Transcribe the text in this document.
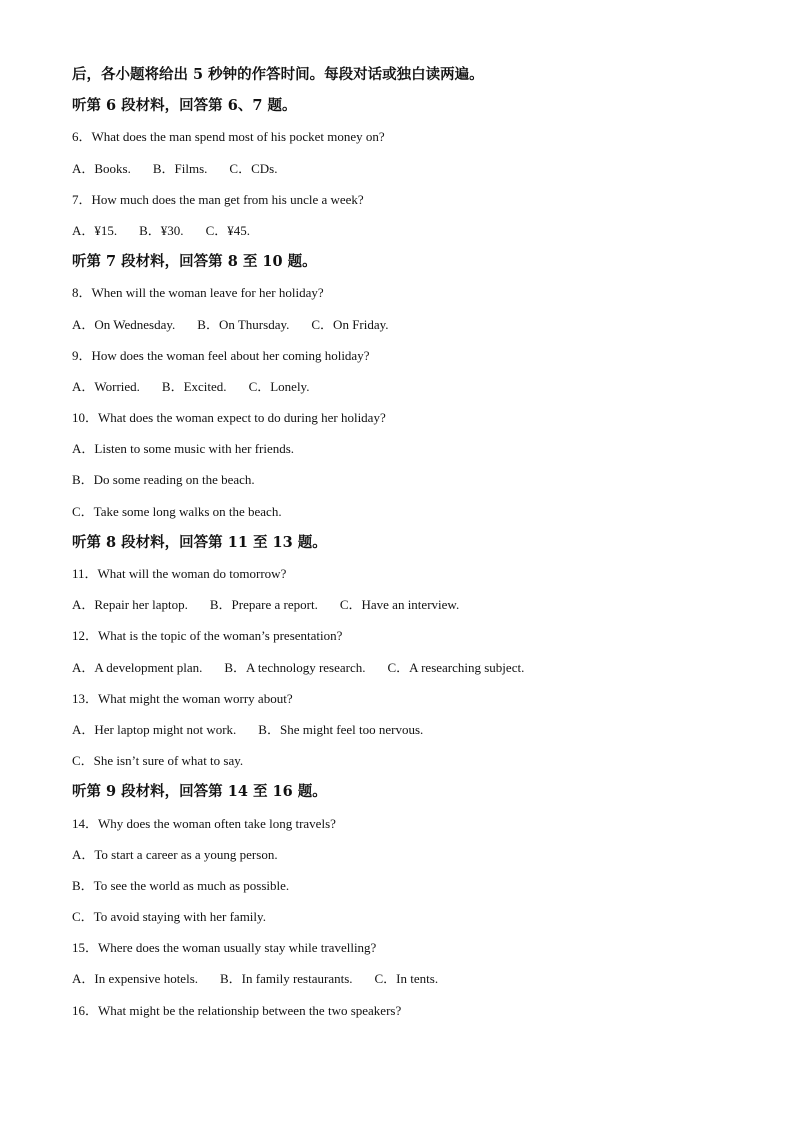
后，各小题将给出 5 秒钟的作答时间。每段对话或独白读两遍。
听第 6 段材料，回答第 6、7 题。
6．What does the man spend most of his pocket money on?
A．Books. B．Films. C．CDs.
7．How much does the man get from his uncle a week?
A．¥15. B．¥30. C．¥45.
听第 7 段材料，回答第 8 至 10 题。
8．When will the woman leave for her holiday?
A．On Wednesday. B．On Thursday. C．On Friday.
9．How does the woman feel about her coming holiday?
A．Worried. B．Excited. C．Lonely.
10．What does the woman expect to do during her holiday?
A．Listen to some music with her friends.
B．Do some reading on the beach.
C．Take some long walks on the beach.
听第 8 段材料，回答第 11 至 13 题。
11．What will the woman do tomorrow?
A．Repair her laptop. B．Prepare a report. C．Have an interview.
12．What is the topic of the woman’s presentation?
A．A development plan. B．A technology research. C．A researching subject.
13．What might the woman worry about?
A．Her laptop might not work. B．She might feel too nervous.
C．She isn’t sure of what to say.
听第 9 段材料，回答第 14 至 16 题。
14．Why does the woman often take long travels?
A．To start a career as a young person.
B．To see the world as much as possible.
C．To avoid staying with her family.
15．Where does the woman usually stay while travelling?
A．In expensive hotels. B．In family restaurants. C．In tents.
16．What might be the relationship between the two speakers?
